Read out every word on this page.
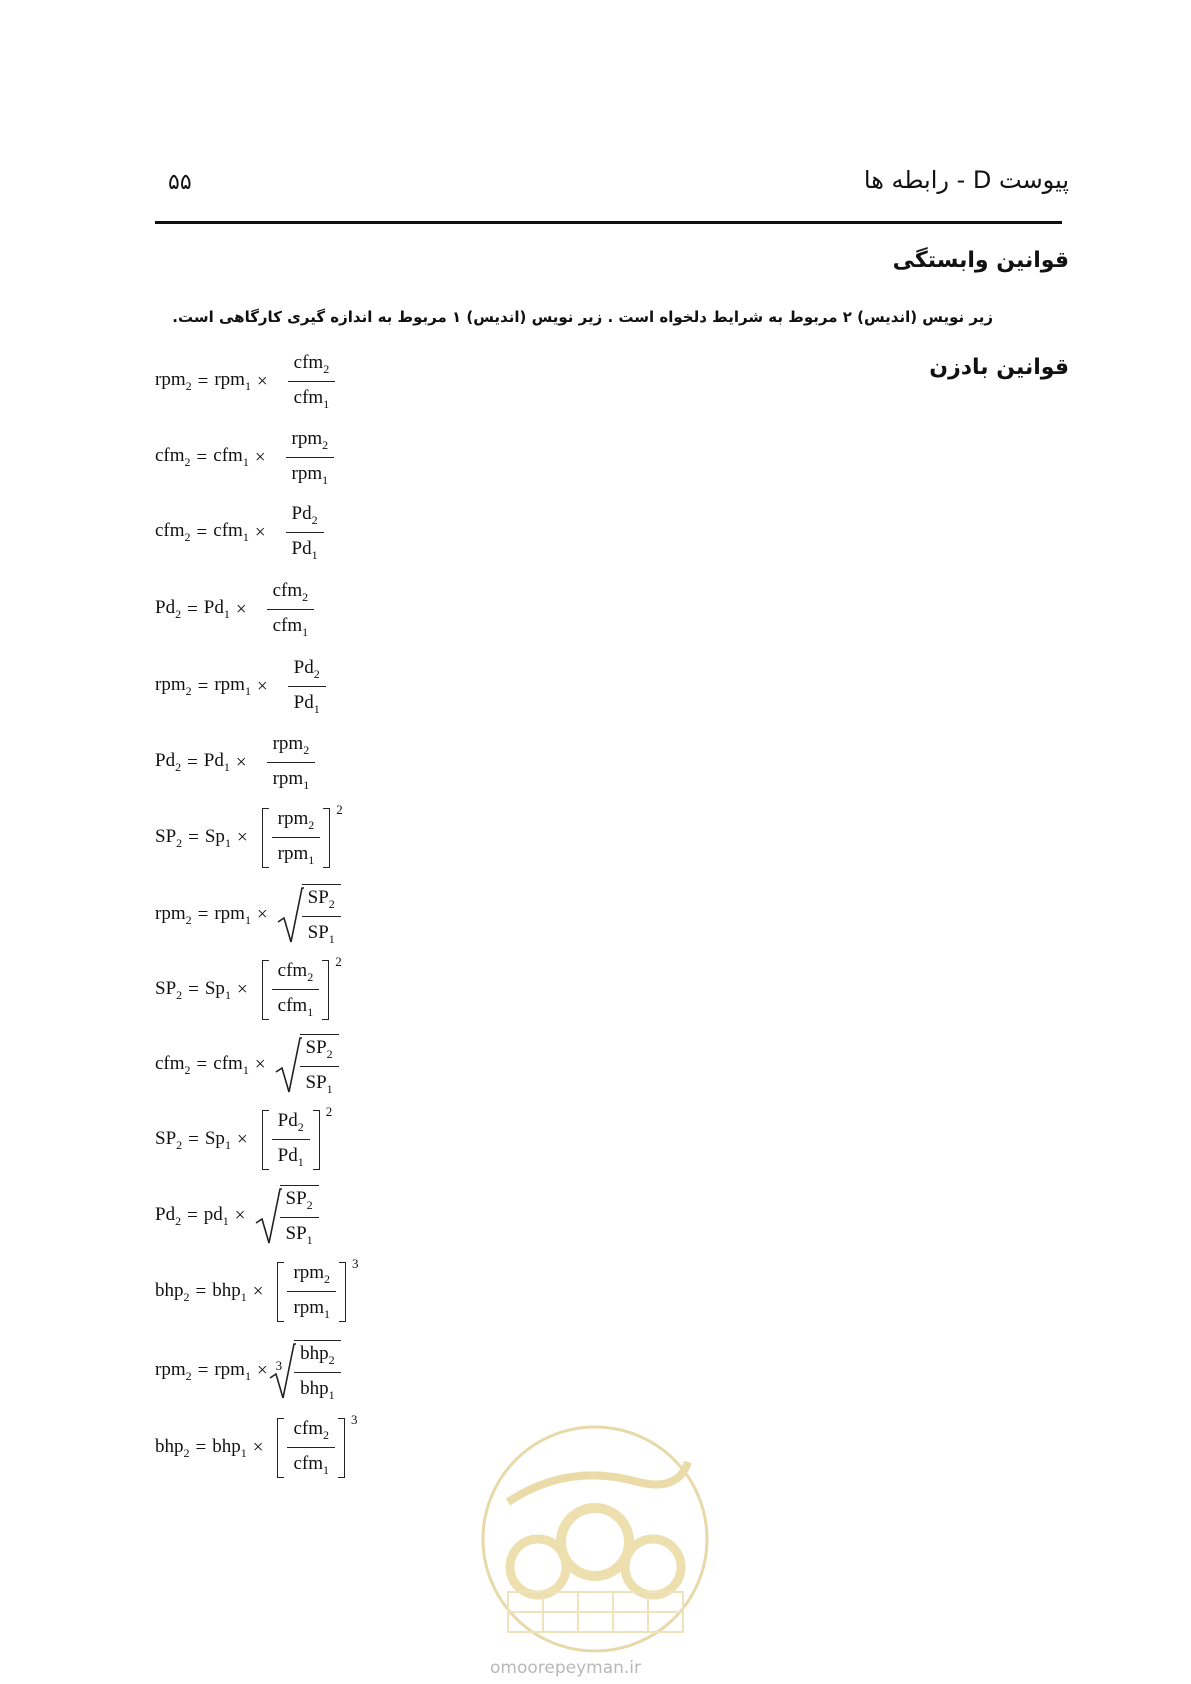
پیوست D - رابطه ها
۵۵
قوانین وابستگی
زیر نویس (اندیس) ۲ مربوط به شرایط دلخواه است . زیر نویس (اندیس) ۱ مربوط به اندازه گیری کارگاهی است.
قوانین بادزن
$rpm_2 = rpm_1 \times \frac{cfm_2}{cfm_1}$
$cfm_2 = cfm_1 \times \frac{rpm_2}{rpm_1}$
$cfm_2 = cfm_1 \times \frac{Pd_2}{Pd_1}$
$Pd_2 = Pd_1 \times \frac{cfm_2}{cfm_1}$
$rpm_2 = rpm_1 \times \frac{Pd_2}{Pd_1}$
$Pd_2 = Pd_1 \times \frac{rpm_2}{rpm_1}$
$SP_2 = Sp_1 \times \frac{rpm_2}{rpm_1} 2$
$rpm_2 = rpm_1 \times \frac{SP_2}{SP_1}$
$SP_2 = Sp_1 \times \frac{cfm_2}{cfm_1} 2$
$cfm_2 = cfm_1 \times \frac{SP_2}{SP_1}$
$SP_2 = Sp_1 \times \frac{Pd_2}{Pd_1} 2$
$Pd_2 = pd_1 \times \frac{SP_2}{SP_1}$
$bhp_2 = bhp_1 \times \frac{rpm_2}{rpm_1} 3$
$rpm_2 = rpm_1 \times 3 \frac{bhp_2}{bhp_1}$
$bhp_2 = bhp_1 \times \frac{cfm_2}{cfm_1} 3$
omoorepeyman.ir
